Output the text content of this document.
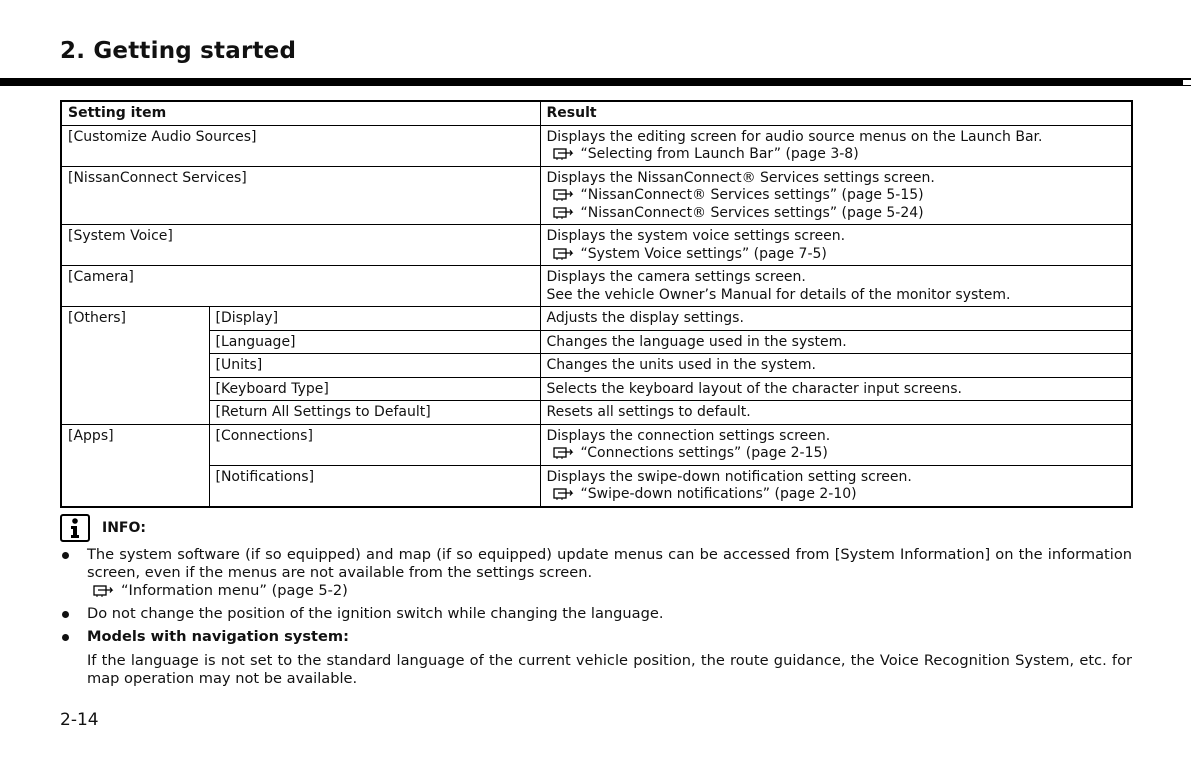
2. Getting started
Setting item		Result
[Customize Audio Sources]		Displays the editing screen for audio source menus on the Launch Bar.
“Selecting from Launch Bar” (page 3-8)

[NissanConnect Services]		Displays the NissanConnect® Services settings screen.
“NissanConnect® Services settings” (page 5-15)
“NissanConnect® Services settings” (page 5-24)

[System Voice]		Displays the system voice settings screen.
“System Voice settings” (page 7-5)

[Camera]		Displays the camera settings screen.
See the vehicle Owner’s Manual for details of the monitor system.

[Others]	[Display]	Adjusts the display settings.
	[Language]	Changes the language used in the system.
	[Units]	Changes the units used in the system.
	[Keyboard Type]	Selects the keyboard layout of the character input screens.
	[Return All Settings to Default]	Resets all settings to default.
[Apps]	[Connections]	Displays the connection settings screen.
“Connections settings” (page 2-15)

	[Notifications]	Displays the swipe-down notification setting screen.
“Swipe-down notifications” (page 2-10)
INFO:
The system software (if so equipped) and map (if so equipped) update menus can be accessed from [System Information] on the information screen, even if the menus are not available from the settings screen.
“Information menu” (page 5-2)
Do not change the position of the ignition switch while changing the language.
Models with navigation system:
If the language is not set to the standard language of the current vehicle position, the route guidance, the Voice Recognition System, etc. for map operation may not be available.
2-14
